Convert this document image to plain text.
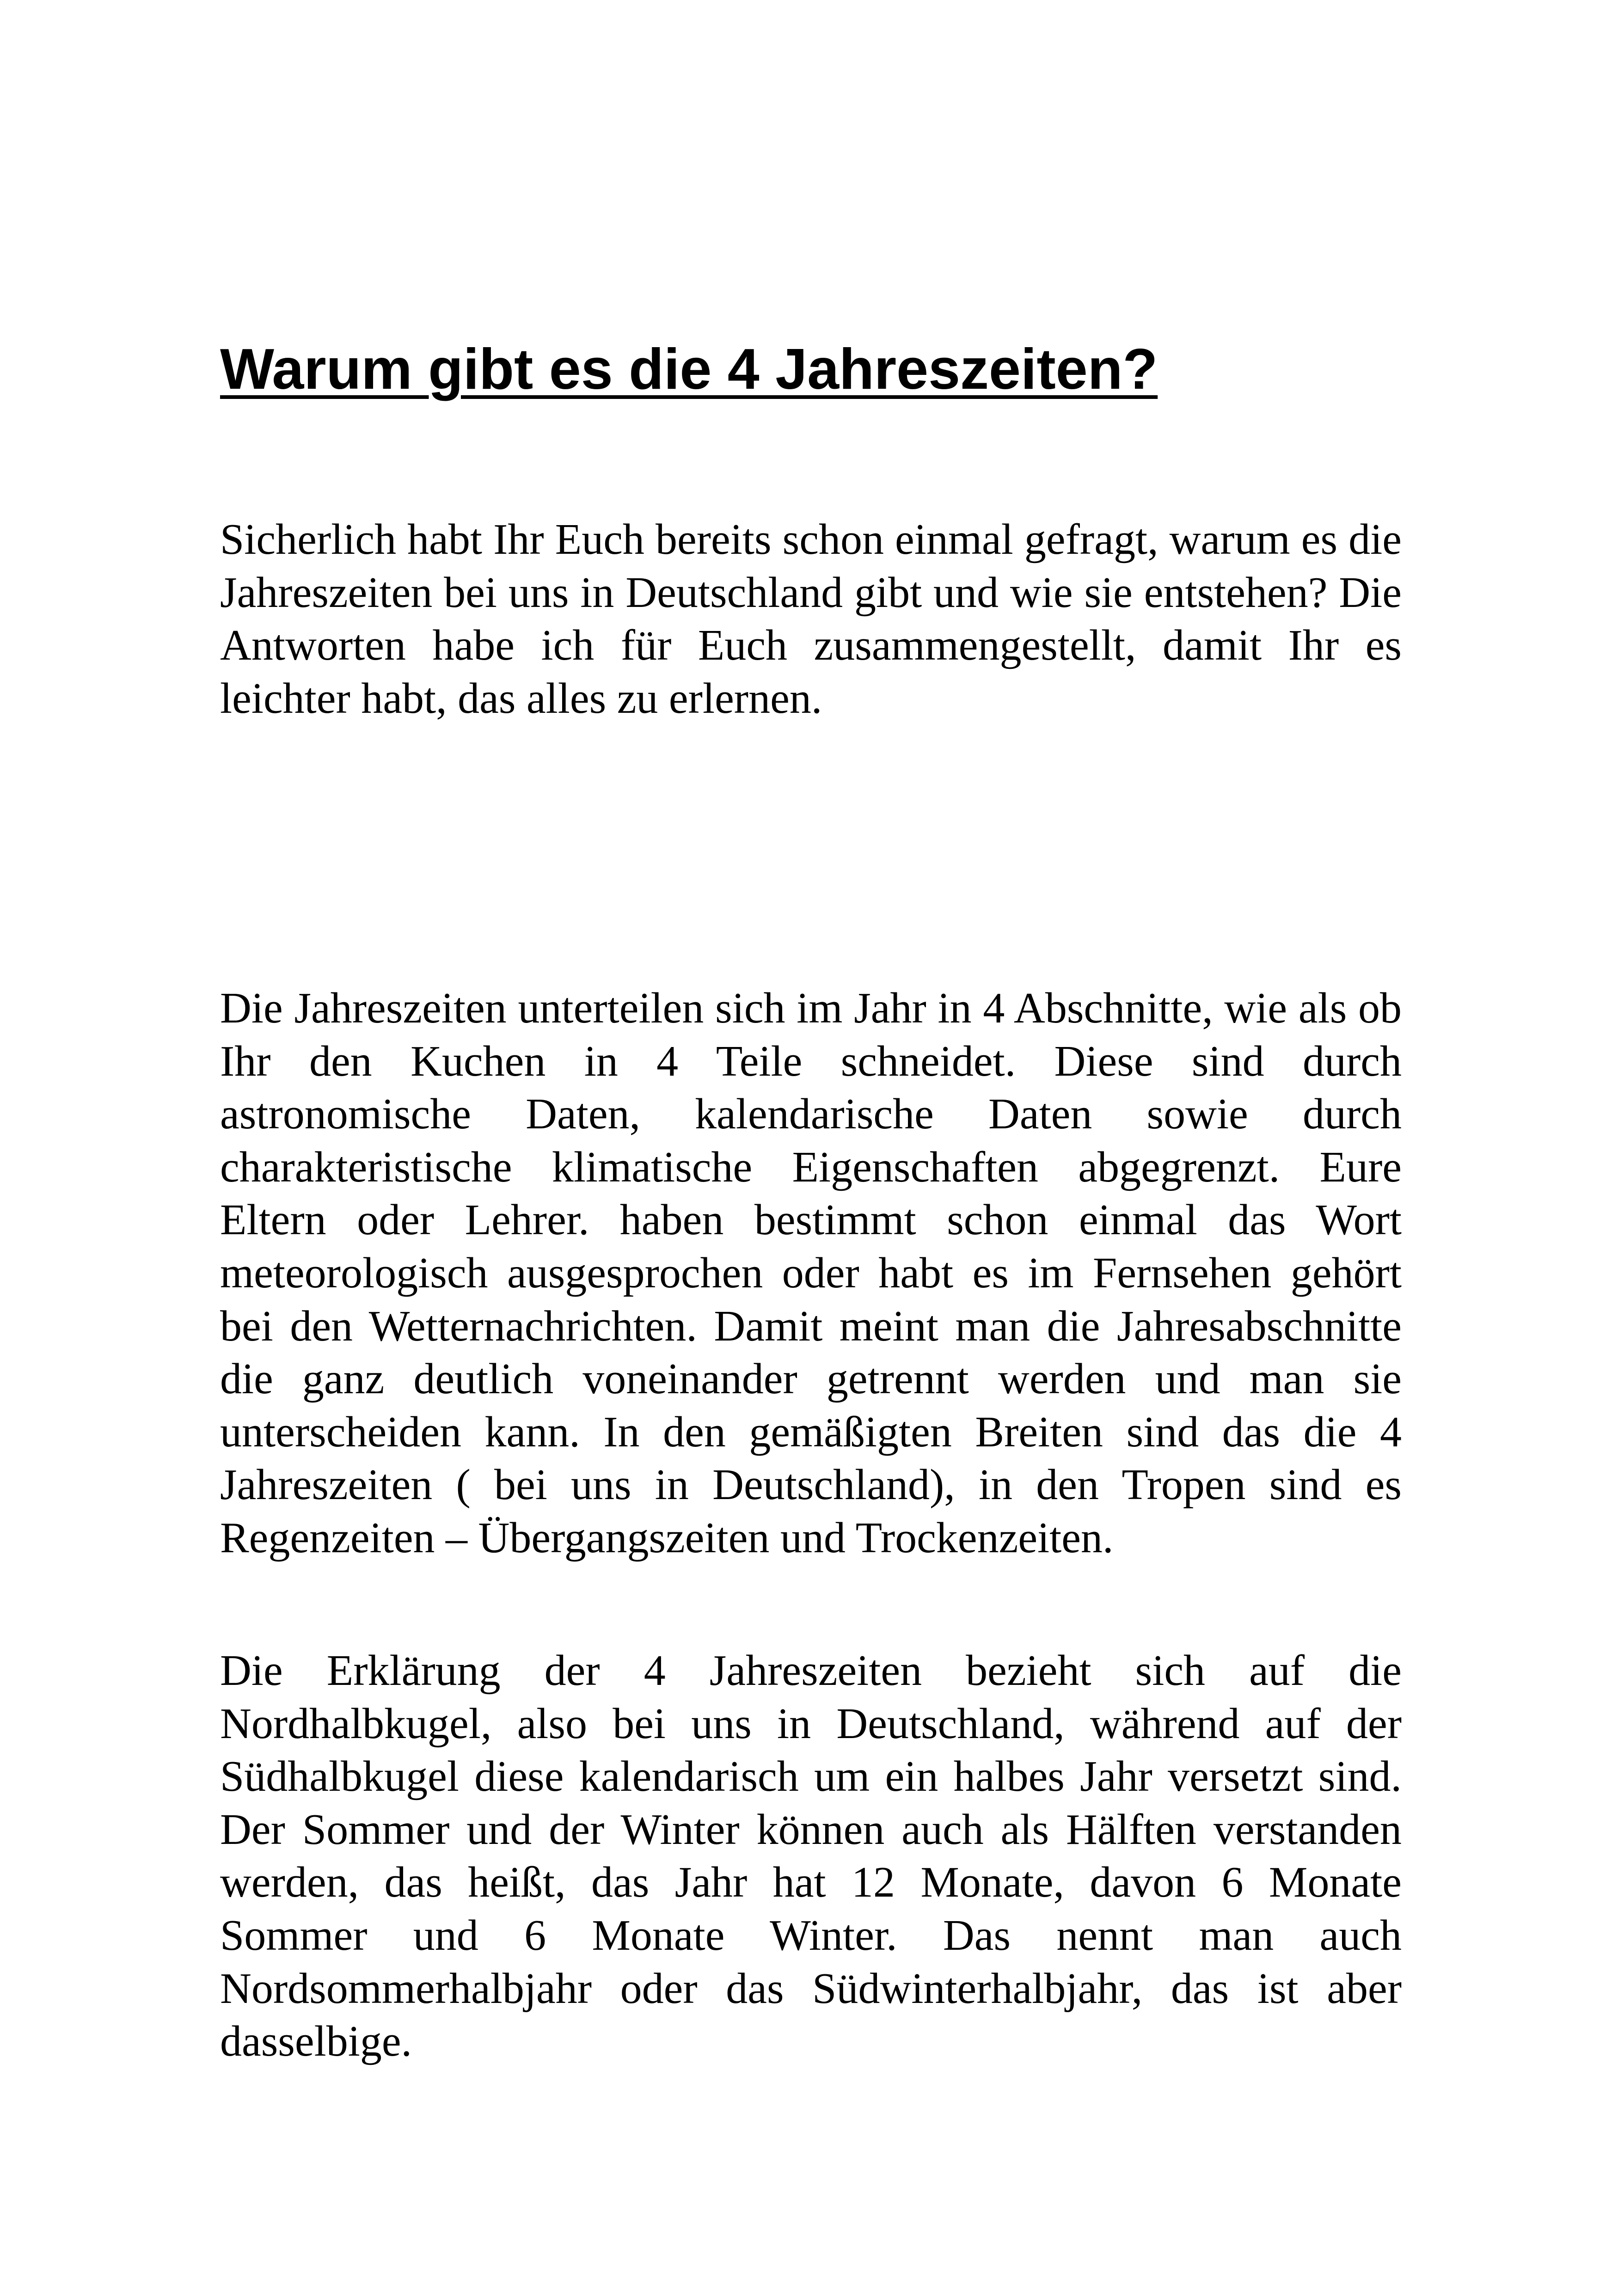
Warum gibt es die 4 Jahreszeiten?

Sicherlich habt Ihr Euch bereits schon einmal gefragt, warum es die Jahreszeiten bei uns in Deutschland gibt und wie sie entstehen? Die Antworten habe ich für Euch zusammengestellt, damit Ihr es leichter habt, das alles zu erlernen.

Die Jahreszeiten unterteilen sich im Jahr in 4 Abschnitte, wie als ob Ihr den Kuchen in 4 Teile schneidet. Diese sind durch astronomische Daten, kalendarische Daten sowie durch charakteristische klimatische Eigenschaften abgegrenzt. Eure Eltern oder Lehrer. haben bestimmt schon einmal das Wort meteorologisch ausgesprochen oder habt es im Fernsehen gehört bei den Wetternachrichten. Damit meint man die Jahresabschnitte die ganz deutlich voneinander getrennt werden und man sie unterscheiden kann. In den gemäßigten Breiten sind das die 4 Jahreszeiten ( bei uns in Deutschland), in den Tropen sind es Regenzeiten – Übergangszeiten und Trockenzeiten.

Die Erklärung der 4 Jahreszeiten bezieht sich auf die Nordhalbkugel, also bei uns in Deutschland, während auf der Südhalbkugel diese kalendarisch um ein halbes Jahr versetzt sind. Der Sommer und der Winter können auch als Hälften verstanden werden, das heißt, das Jahr hat 12 Monate, davon 6 Monate Sommer und 6 Monate Winter. Das nennt man auch Nordsommerhalbjahr oder das Südwinterhalbjahr, das ist aber dasselbige.
